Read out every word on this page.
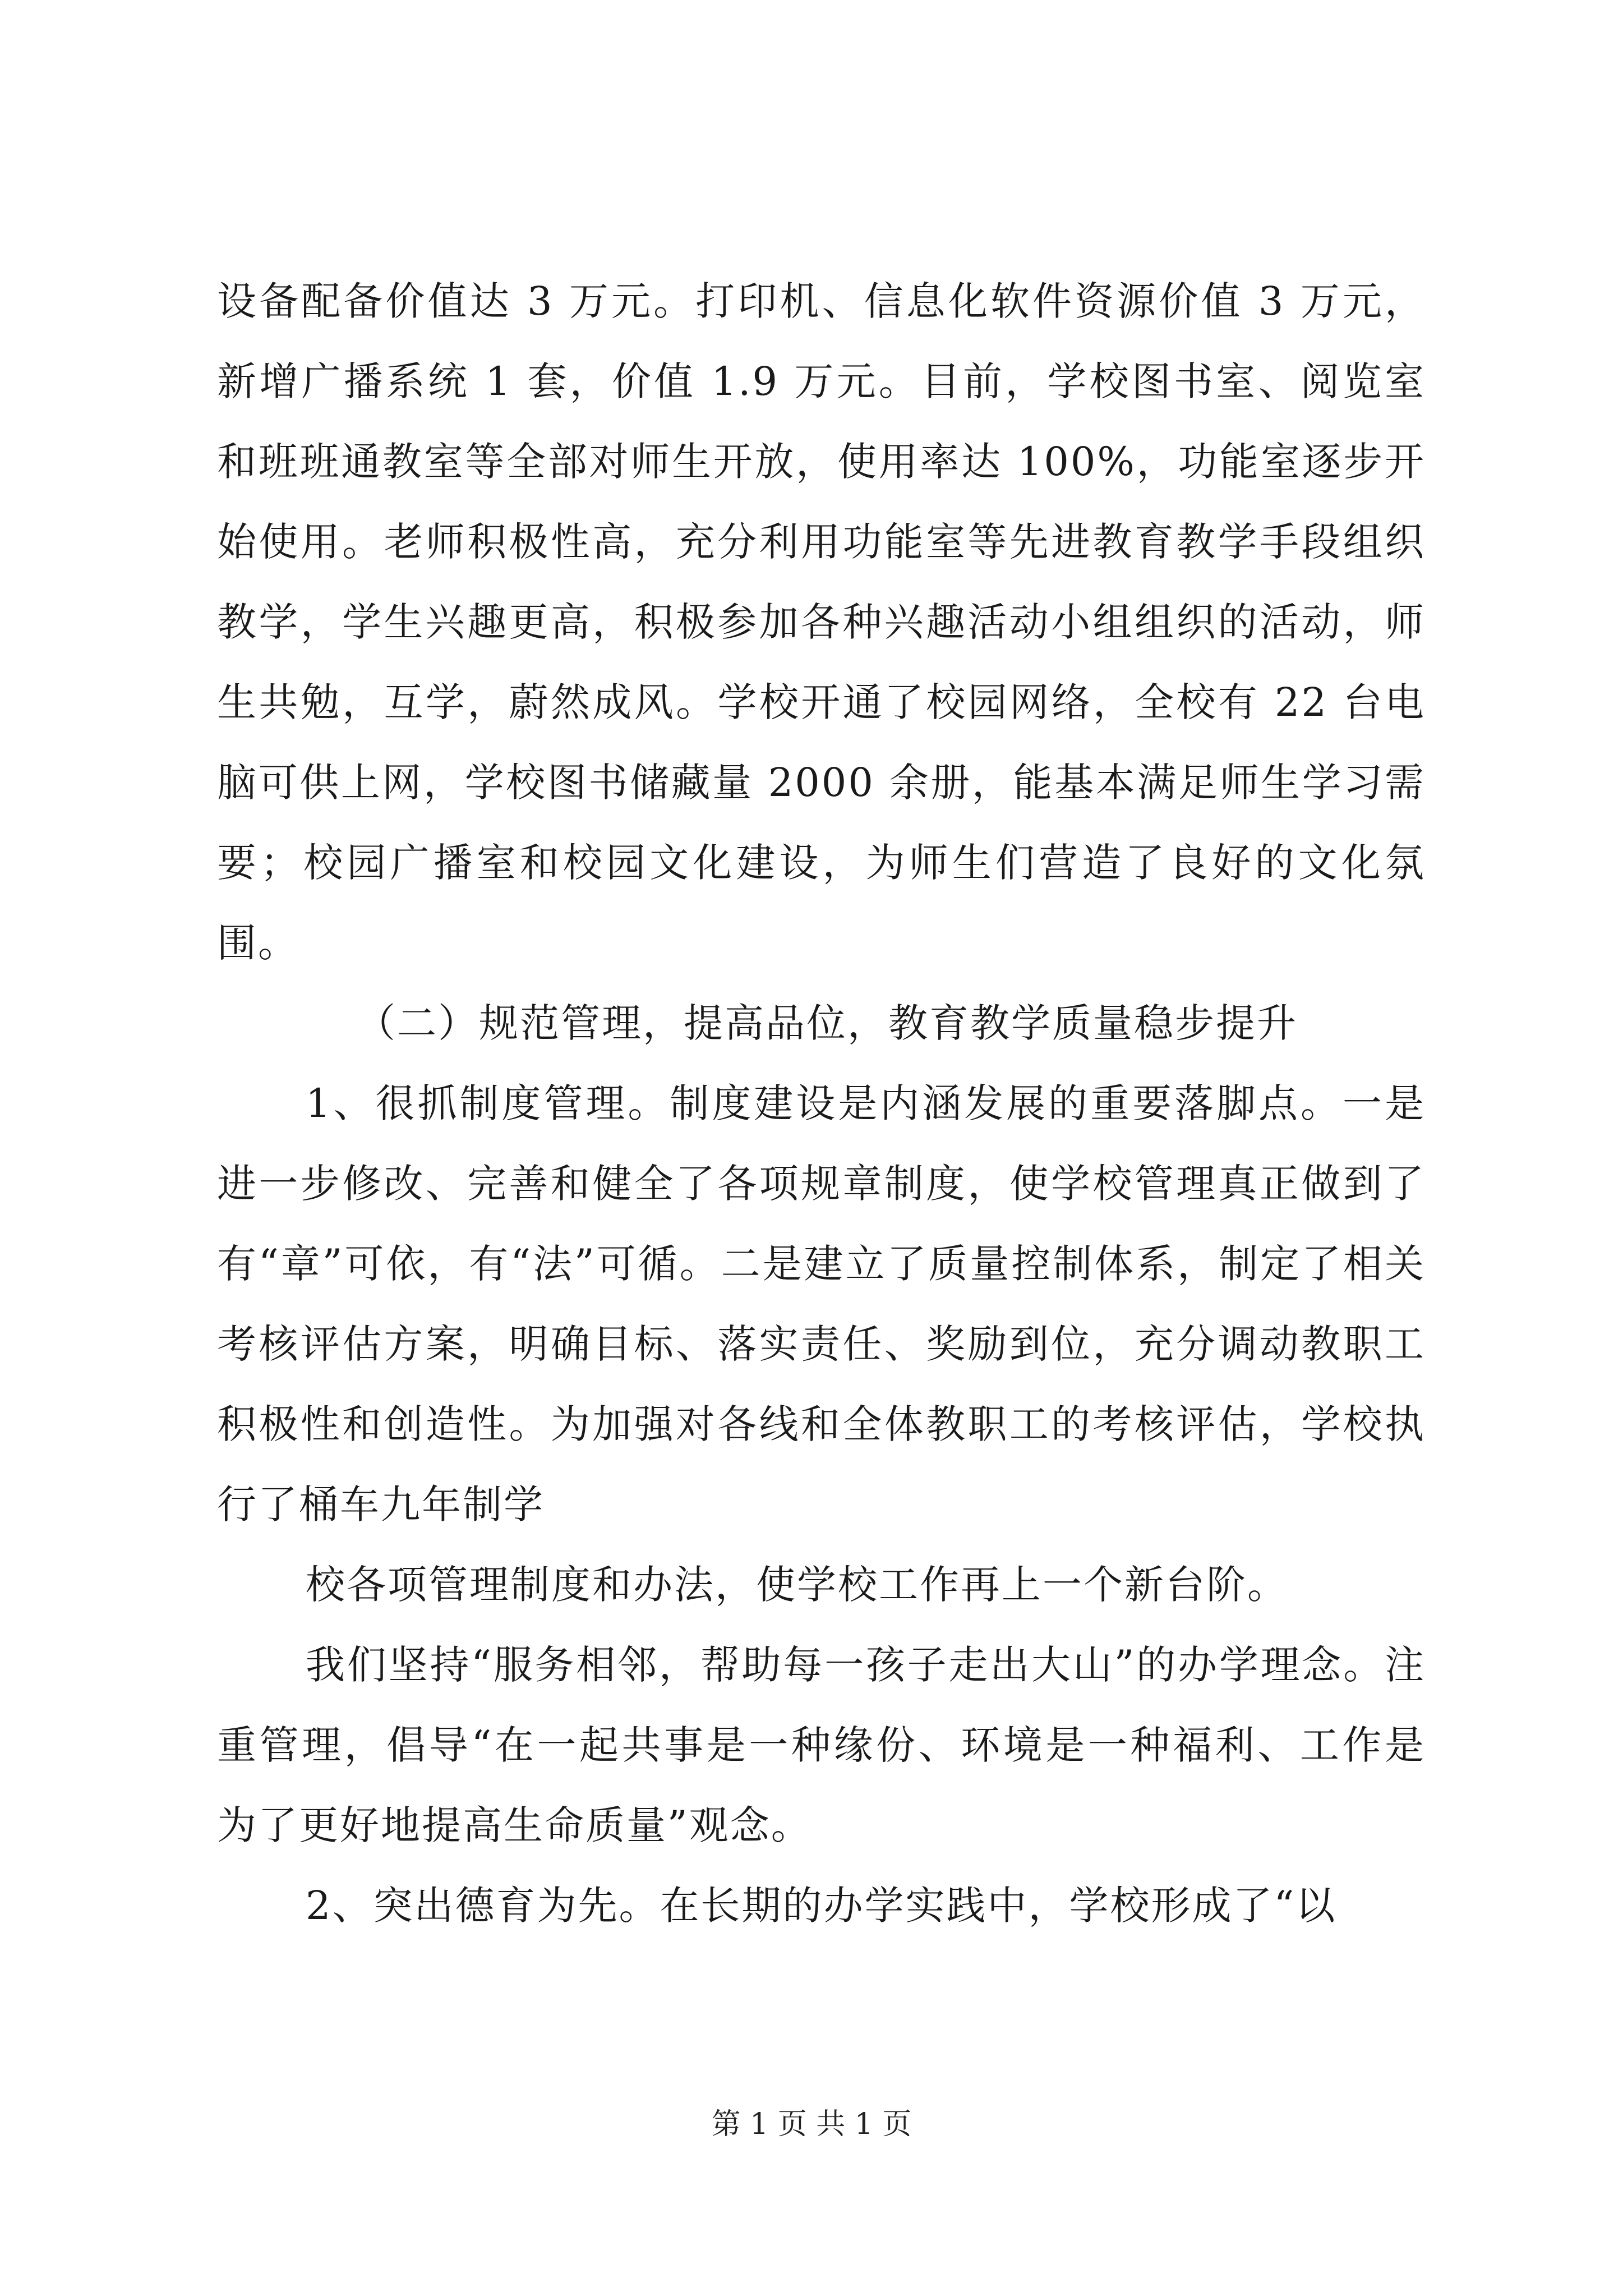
设备配备价值达 3 万元。打印机、信息化软件资源价值 3 万元，新增广播系统 1 套，价值 1.9 万元。目前，学校图书室、阅览室和班班通教室等全部对师生开放，使用率达 100%，功能室逐步开始使用。老师积极性高，充分利用功能室等先进教育教学手段组织教学，学生兴趣更高，积极参加各种兴趣活动小组组织的活动，师生共勉，互学，蔚然成风。学校开通了校园网络，全校有 22 台电脑可供上网，学校图书储藏量 2000 余册，能基本满足师生学习需要；校园广播室和校园文化建设，为师生们营造了良好的文化氛围。

（二）规范管理，提高品位，教育教学质量稳步提升

1、很抓制度管理。制度建设是内涵发展的重要落脚点。一是进一步修改、完善和健全了各项规章制度，使学校管理真正做到了有“章”可依，有“法”可循。二是建立了质量控制体系，制定了相关考核评估方案，明确目标、落实责任、奖励到位，充分调动教职工积极性和创造性。为加强对各线和全体教职工的考核评估，学校执行了桶车九年制学

校各项管理制度和办法，使学校工作再上一个新台阶。

我们坚持“服务相邻，帮助每一孩子走出大山”的办学理念。注重管理，倡导“在一起共事是一种缘份、环境是一种福利、工作是为了更好地提高生命质量”观念。

2、突出德育为先。在长期的办学实践中，学校形成了“以

第 1 页 共 1 页
